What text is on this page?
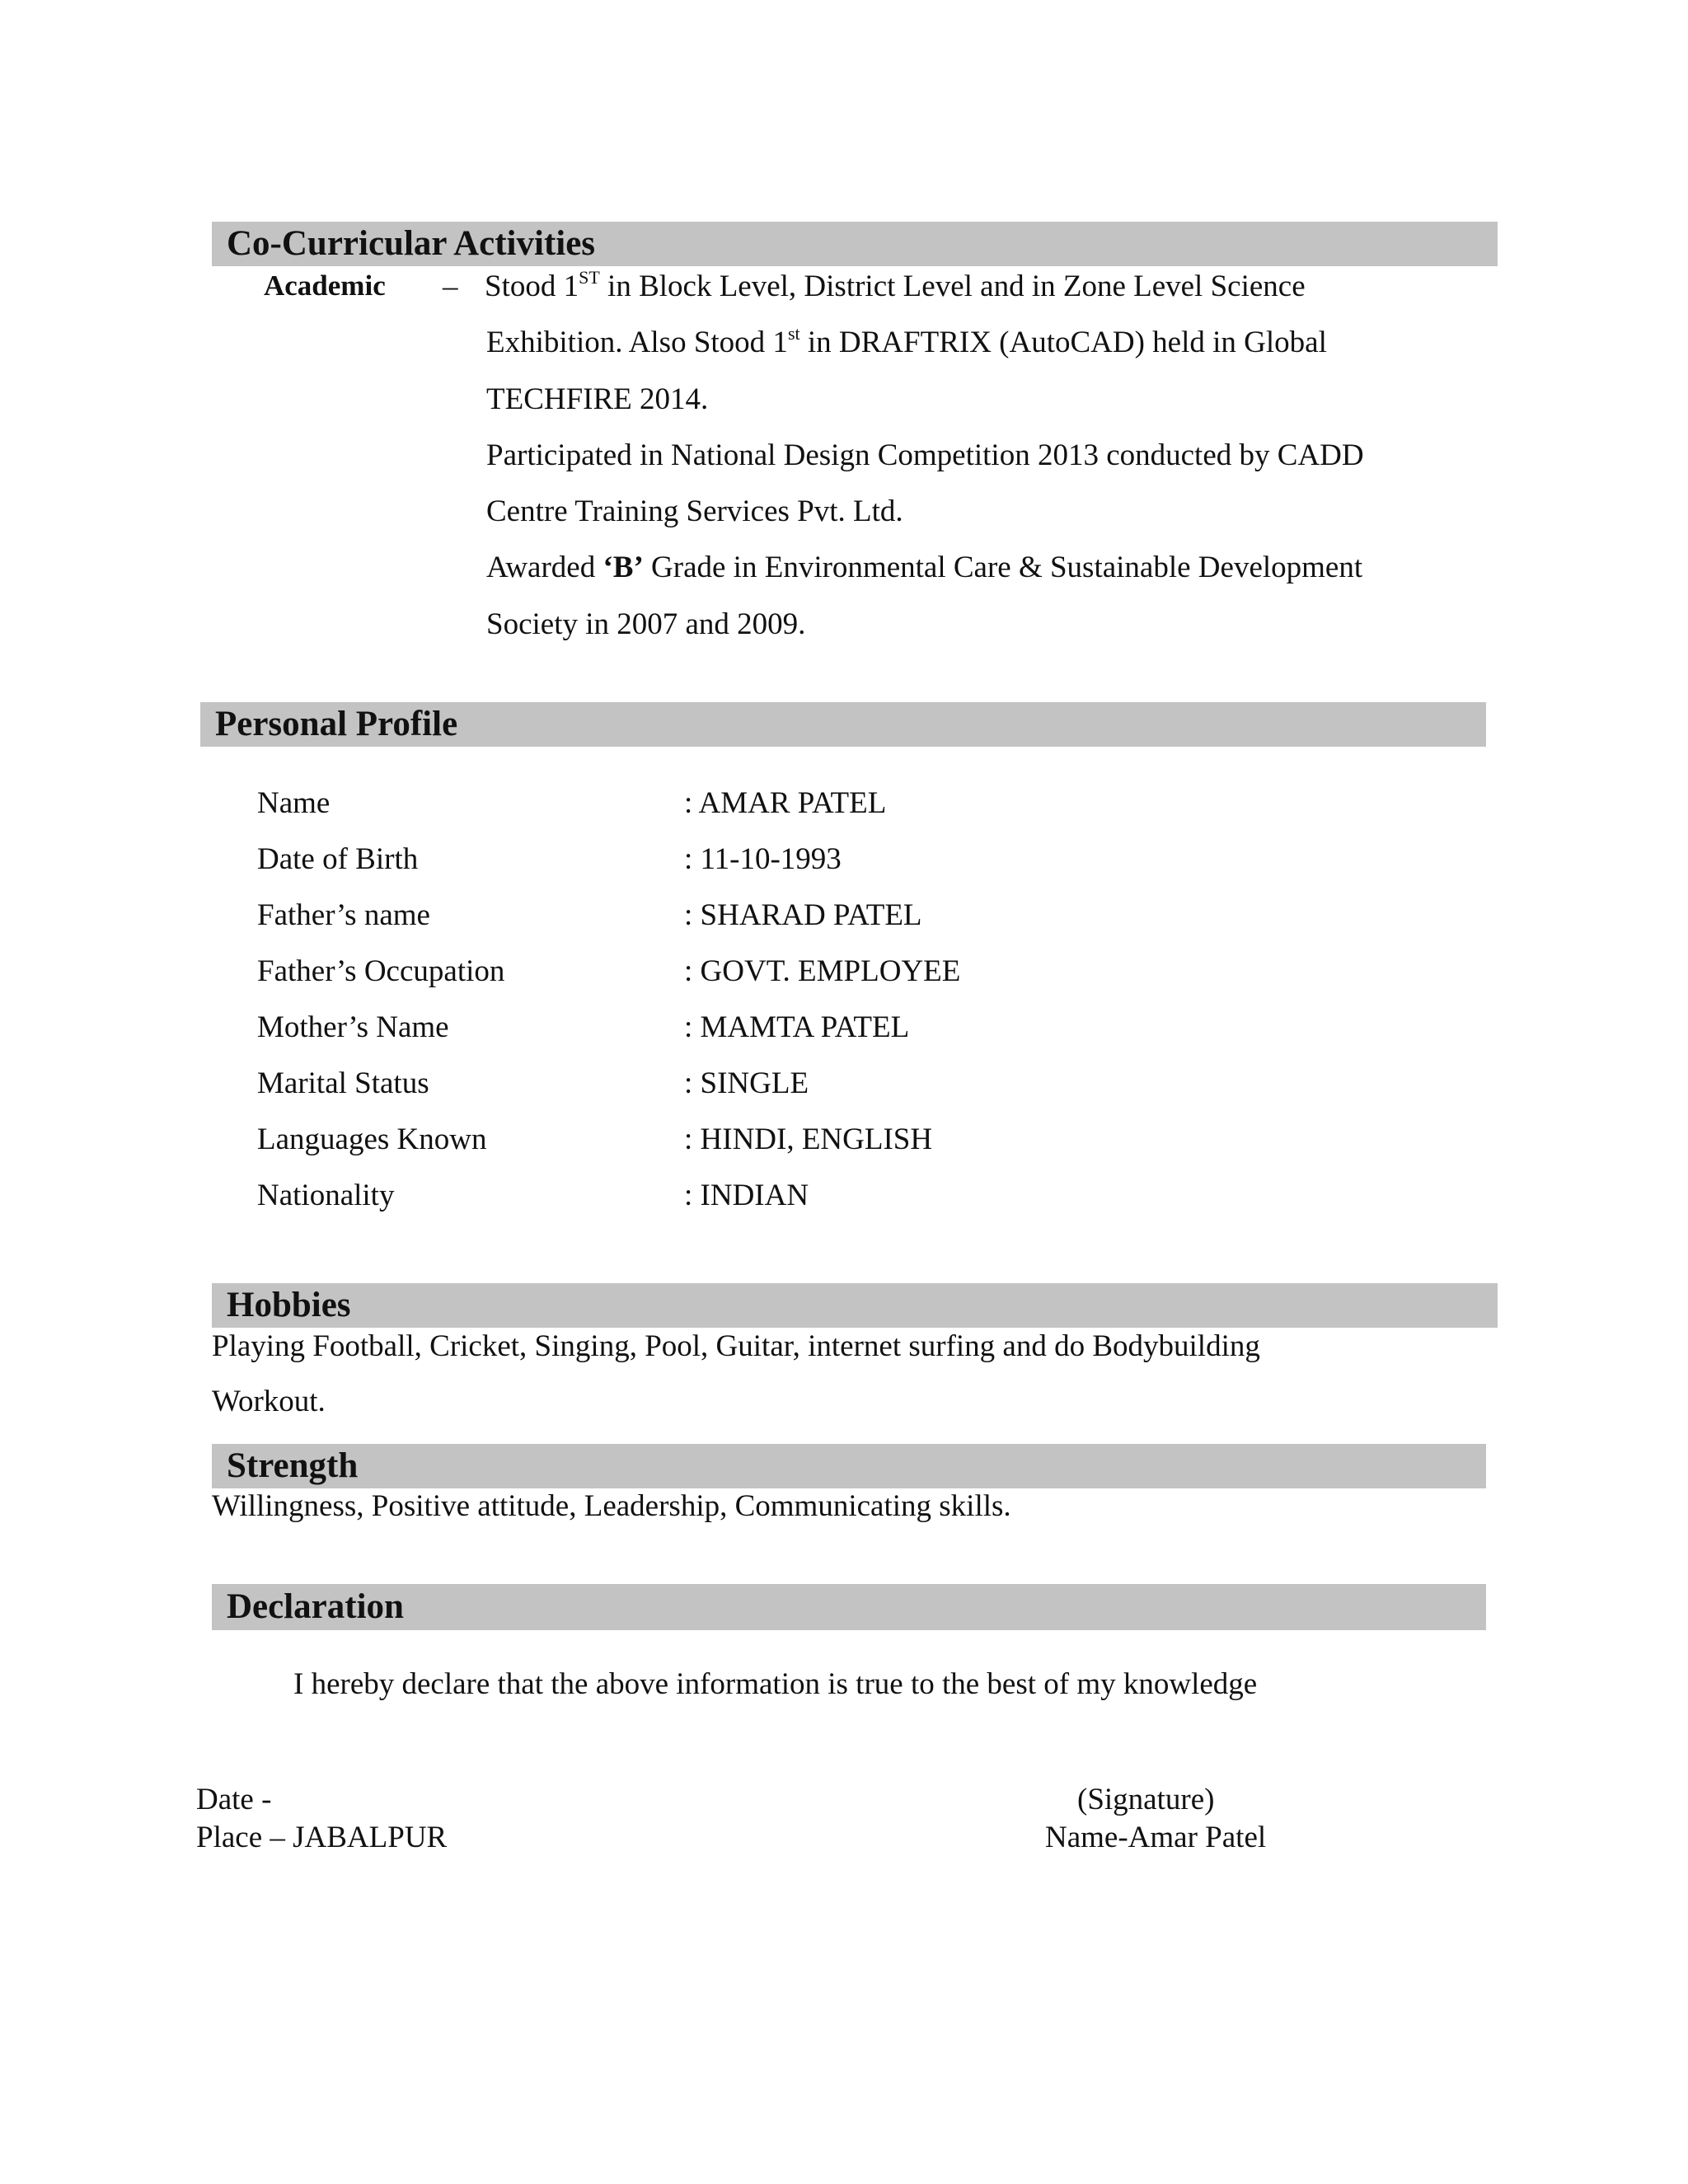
Co-Curricular Activities
Academic – Stood 1ST in Block Level, District Level and in Zone Level Science
Exhibition. Also Stood 1st in DRAFTRIX (AutoCAD) held in Global
TECHFIRE 2014.
Participated in National Design Competition 2013 conducted by CADD
Centre Training Services Pvt. Ltd.
Awarded ‘B’ Grade in Environmental Care & Sustainable Development
Society in 2007 and 2009.
Personal Profile
Name	: AMAR PATEL
Date of Birth	: 11-10-1993
Father’s name	: SHARAD PATEL
Father’s Occupation	: GOVT. EMPLOYEE
Mother’s Name	: MAMTA PATEL
Marital Status	: SINGLE
Languages Known	: HINDI, ENGLISH
Nationality	: INDIAN
Hobbies
Playing Football, Cricket, Singing, Pool, Guitar, internet surfing and do Bodybuilding
Workout.
Strength
Willingness, Positive attitude, Leadership, Communicating skills.
Declaration
I hereby declare that the above information is true to the best of my knowledge
Date -
Place – JABALPUR
(Signature)
Name-Amar Patel
